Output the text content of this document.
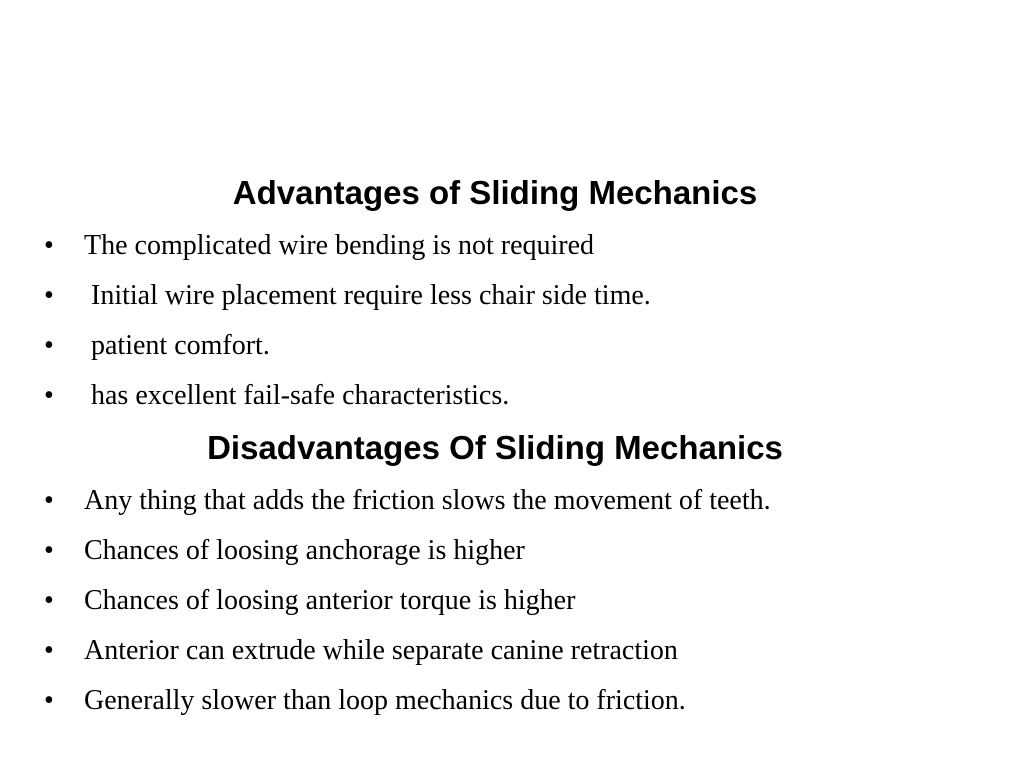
Advantages of Sliding Mechanics
• The complicated wire bending is not required
• Initial wire placement require less chair side time.
• patient comfort.
• has excellent fail-safe characteristics.
Disadvantages Of Sliding Mechanics
• Any thing that adds the friction slows the movement of teeth.
• Chances of loosing anchorage is higher
• Chances of loosing anterior torque is higher
• Anterior can extrude while separate canine retraction
• Generally slower than loop mechanics due to friction.
